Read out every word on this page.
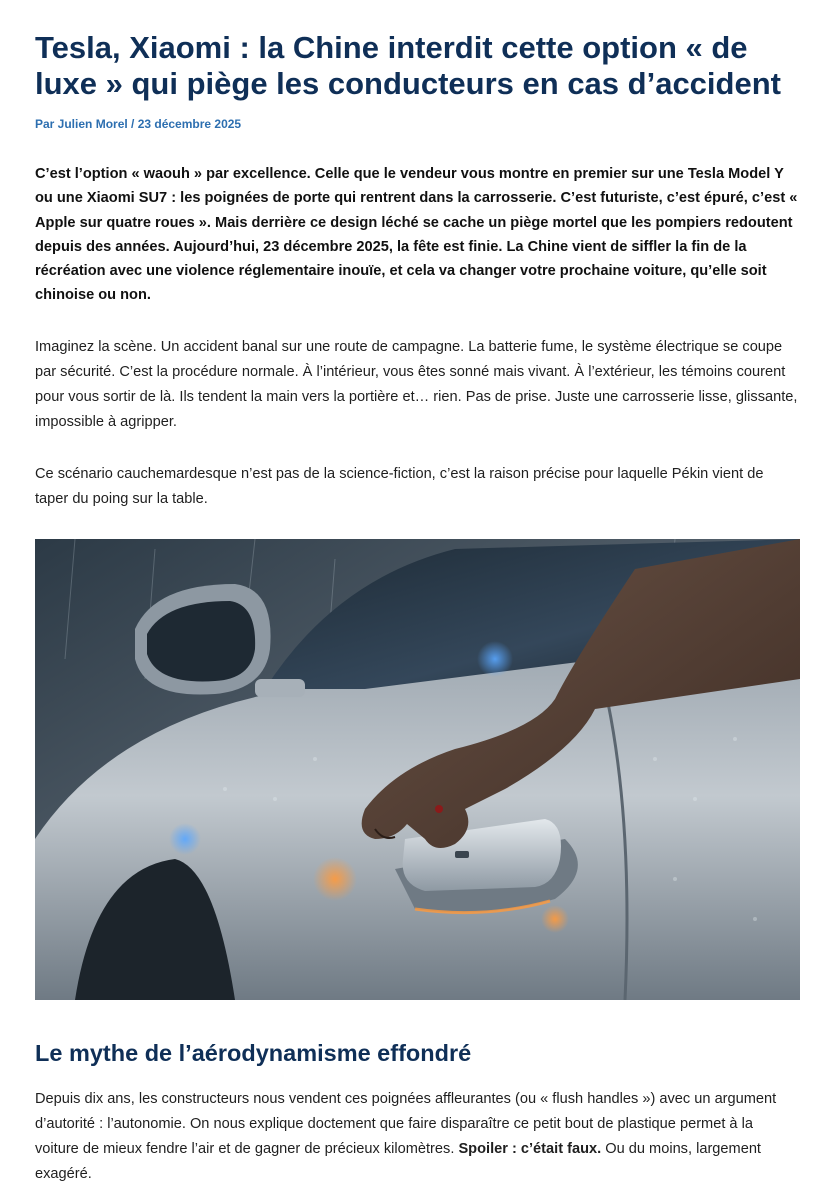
Tesla, Xiaomi : la Chine interdit cette option « de luxe » qui piège les conducteurs en cas d’accident
Par Julien Morel / 23 décembre 2025

C’est l’option « waouh » par excellence. Celle que le vendeur vous montre en premier sur une Tesla Model Y ou une Xiaomi SU7 : les poignées de porte qui rentrent dans la carrosserie. C’est futuriste, c’est épuré, c’est « Apple sur quatre roues ». Mais derrière ce design léché se cache un piège mortel que les pompiers redoutent depuis des années. Aujourd’hui, 23 décembre 2025, la fête est finie. La Chine vient de siffler la fin de la récréation avec une violence réglementaire inouïe, et cela va changer votre prochaine voiture, qu’elle soit chinoise ou non.

Imaginez la scène. Un accident banal sur une route de campagne. La batterie fume, le système électrique se coupe par sécurité. C’est la procédure normale. À l’intérieur, vous êtes sonné mais vivant. À l’extérieur, les témoins courent pour vous sortir de là. Ils tendent la main vers la portière et… rien. Pas de prise. Juste une carrosserie lisse, glissante, impossible à agripper.

Ce scénario cauchemardesque n’est pas de la science-fiction, c’est la raison précise pour laquelle Pékin vient de taper du poing sur la table.

Le mythe de l’aérodynamisme effondré

Depuis dix ans, les constructeurs nous vendent ces poignées affleurantes (ou « flush handles ») avec un argument d’autorité : l’autonomie. On nous explique doctement que faire disparaître ce petit bout de plastique permet à la voiture de mieux fendre l’air et de gagner de précieux kilomètres. Spoiler : c’était faux. Ou du moins, largement exagéré.
